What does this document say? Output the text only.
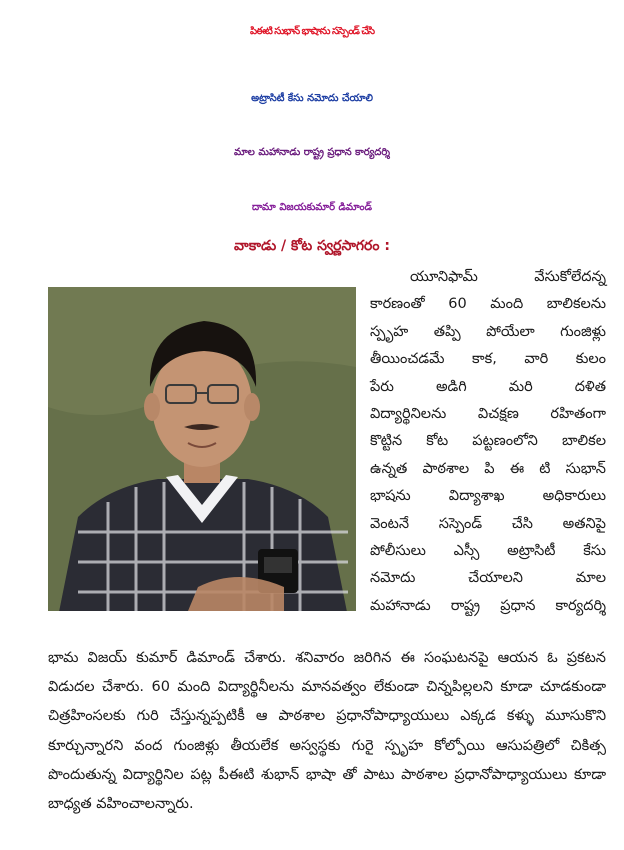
పిఈటి సుభాన్ భాషాను సస్పెండ్ చేసి
అట్రాసిటీ కేసు నమోదు చేయాలి
మాల మహానాడు రాష్ట్ర ప్రధాన కార్యదర్శి
దామా విజయకుమార్ డిమాండ్
వాకాడు / కోట స్వర్ణసాగరం :

యూనిఫామ్ వేసుకోలేదన్న

కారణంతో 60 మంది బాలికలను

స్పృహ తప్పి పోయేలా గుంజిళ్లు

తీయించడమే కాక, వారి కులం

పేరు అడిగి మరి దళిత

విద్యార్థినిలను విచక్షణ రహితంగా

కొట్టిన కోట పట్టణంలోని బాలికల

ఉన్నత పాఠశాల పి ఈ టి సుభాన్

భాషను విద్యాశాఖ అధికారులు

వెంటనే సస్పెండ్ చేసి అతనిపై

పోలీసులు ఎస్సీ అట్రాసిటీ కేసు

నమోదు చేయాలని మాల

మహానాడు రాష్ట్ర ప్రధాన కార్యదర్శి

భామ విజయ్ కుమార్ డిమాండ్ చేశారు. శనివారం జరిగిన ఈ సంఘటనపై ఆయన ఓ ప్రకటన విడుదల చేశారు. 60 మంది విద్యార్థినీలను మానవత్వం లేకుండా చిన్నపిల్లలని కూడా చూడకుండా చిత్రహింసలకు గురి చేస్తున్నప్పటికీ ఆ పాఠశాల ప్రధానోపాధ్యాయులు ఎక్కడ కళ్ళు మూసుకొని కూర్చున్నారని వంద గుంజిళ్లు తీయలేక అస్వస్థకు గురై స్పృహ కోల్పోయి ఆసుపత్రిలో చికిత్స పొందుతున్న విద్యార్థినిల పట్ల పీఈటి శుభాన్ భాషా తో పాటు పాఠశాల ప్రధానోపాధ్యాయులు కూడా బాధ్యత వహించాలన్నారు.
